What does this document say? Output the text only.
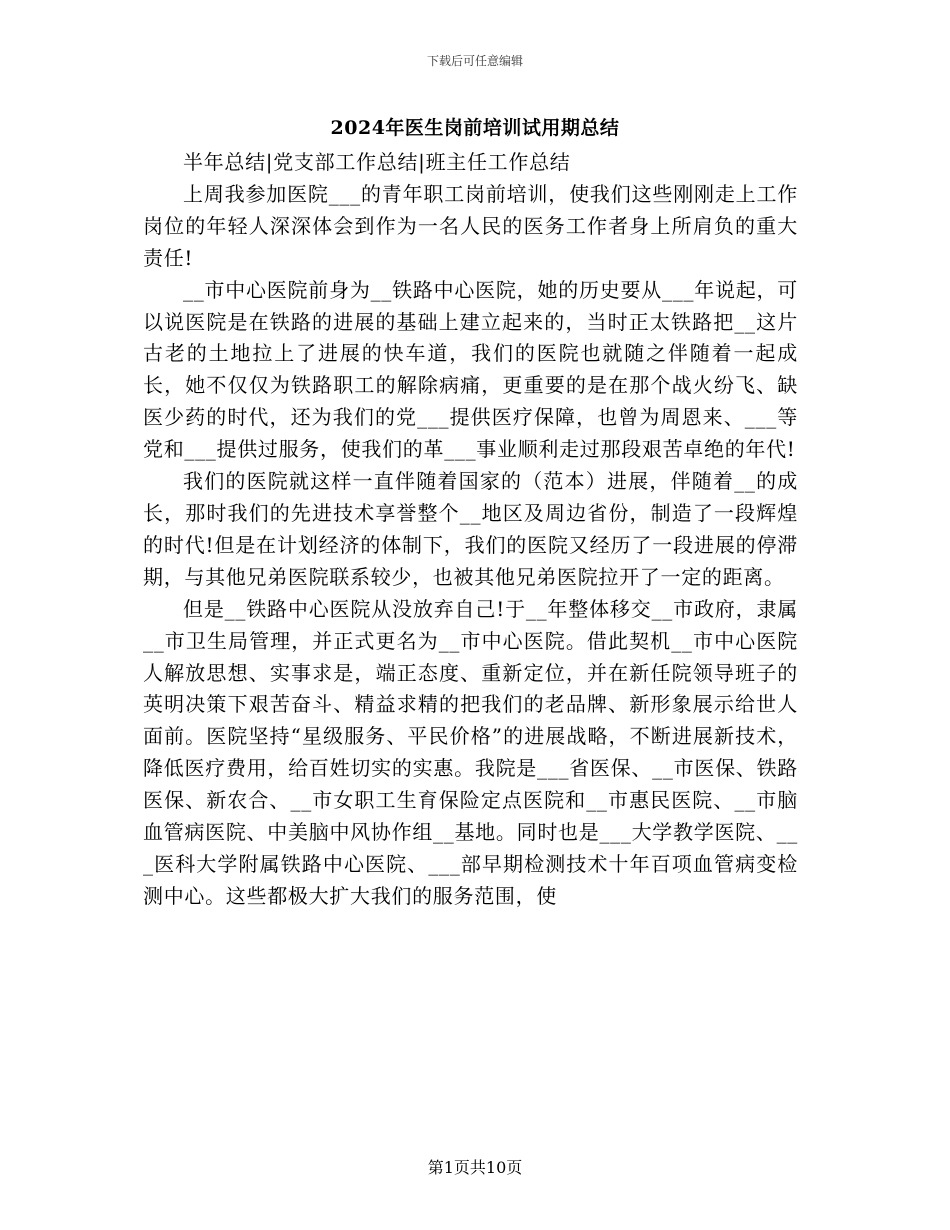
下载后可任意编辑
2024年医生岗前培训试用期总结

半年总结|党支部工作总结|班主任工作总结

上周我参加医院___的青年职工岗前培训，使我们这些刚刚走上工作岗位的年轻人深深体会到作为一名人民的医务工作者身上所肩负的重大责任!

__市中心医院前身为__铁路中心医院，她的历史要从___年说起，可以说医院是在铁路的进展的基础上建立起来的，当时正太铁路把__这片古老的土地拉上了进展的快车道，我们的医院也就随之伴随着一起成长，她不仅仅为铁路职工的解除病痛，更重要的是在那个战火纷飞、缺医少药的时代，还为我们的党___提供医疗保障，也曾为周恩来、___等党和___提供过服务，使我们的革___事业顺利走过那段艰苦卓绝的年代!

我们的医院就这样一直伴随着国家的（范本）进展，伴随着__的成长，那时我们的先进技术享誉整个__地区及周边省份，制造了一段辉煌的时代!但是在计划经济的体制下，我们的医院又经历了一段进展的停滞期，与其他兄弟医院联系较少，也被其他兄弟医院拉开了一定的距离。

但是__铁路中心医院从没放弃自己!于__年整体移交__市政府，隶属__市卫生局管理，并正式更名为__市中心医院。借此契机__市中心医院人解放思想、实事求是，端正态度、重新定位，并在新任院领导班子的英明决策下艰苦奋斗、精益求精的把我们的老品牌、新形象展示给世人面前。医院坚持“星级服务、平民价格”的进展战略，不断进展新技术，降低医疗费用，给百姓切实的实惠。我院是___省医保、__市医保、铁路医保、新农合、__市女职工生育保险定点医院和__市惠民医院、__市脑血管病医院、中美脑中风协作组__基地。同时也是___大学教学医院、___医科大学附属铁路中心医院、___部早期检测技术十年百项血管病变检测中心。这些都极大扩大我们的服务范围，使

第1页共10页
